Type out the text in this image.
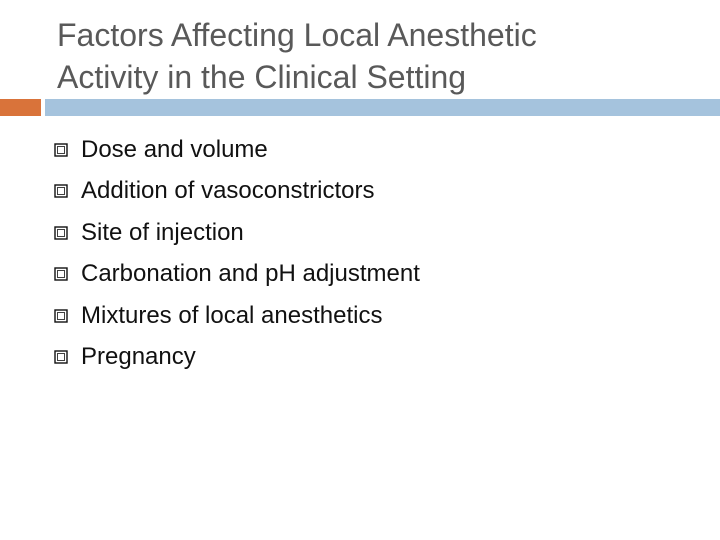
Factors Affecting Local Anesthetic
Activity in the Clinical Setting
Dose and volume
Addition of vasoconstrictors
Site of injection
Carbonation and pH adjustment
Mixtures of local anesthetics
Pregnancy
